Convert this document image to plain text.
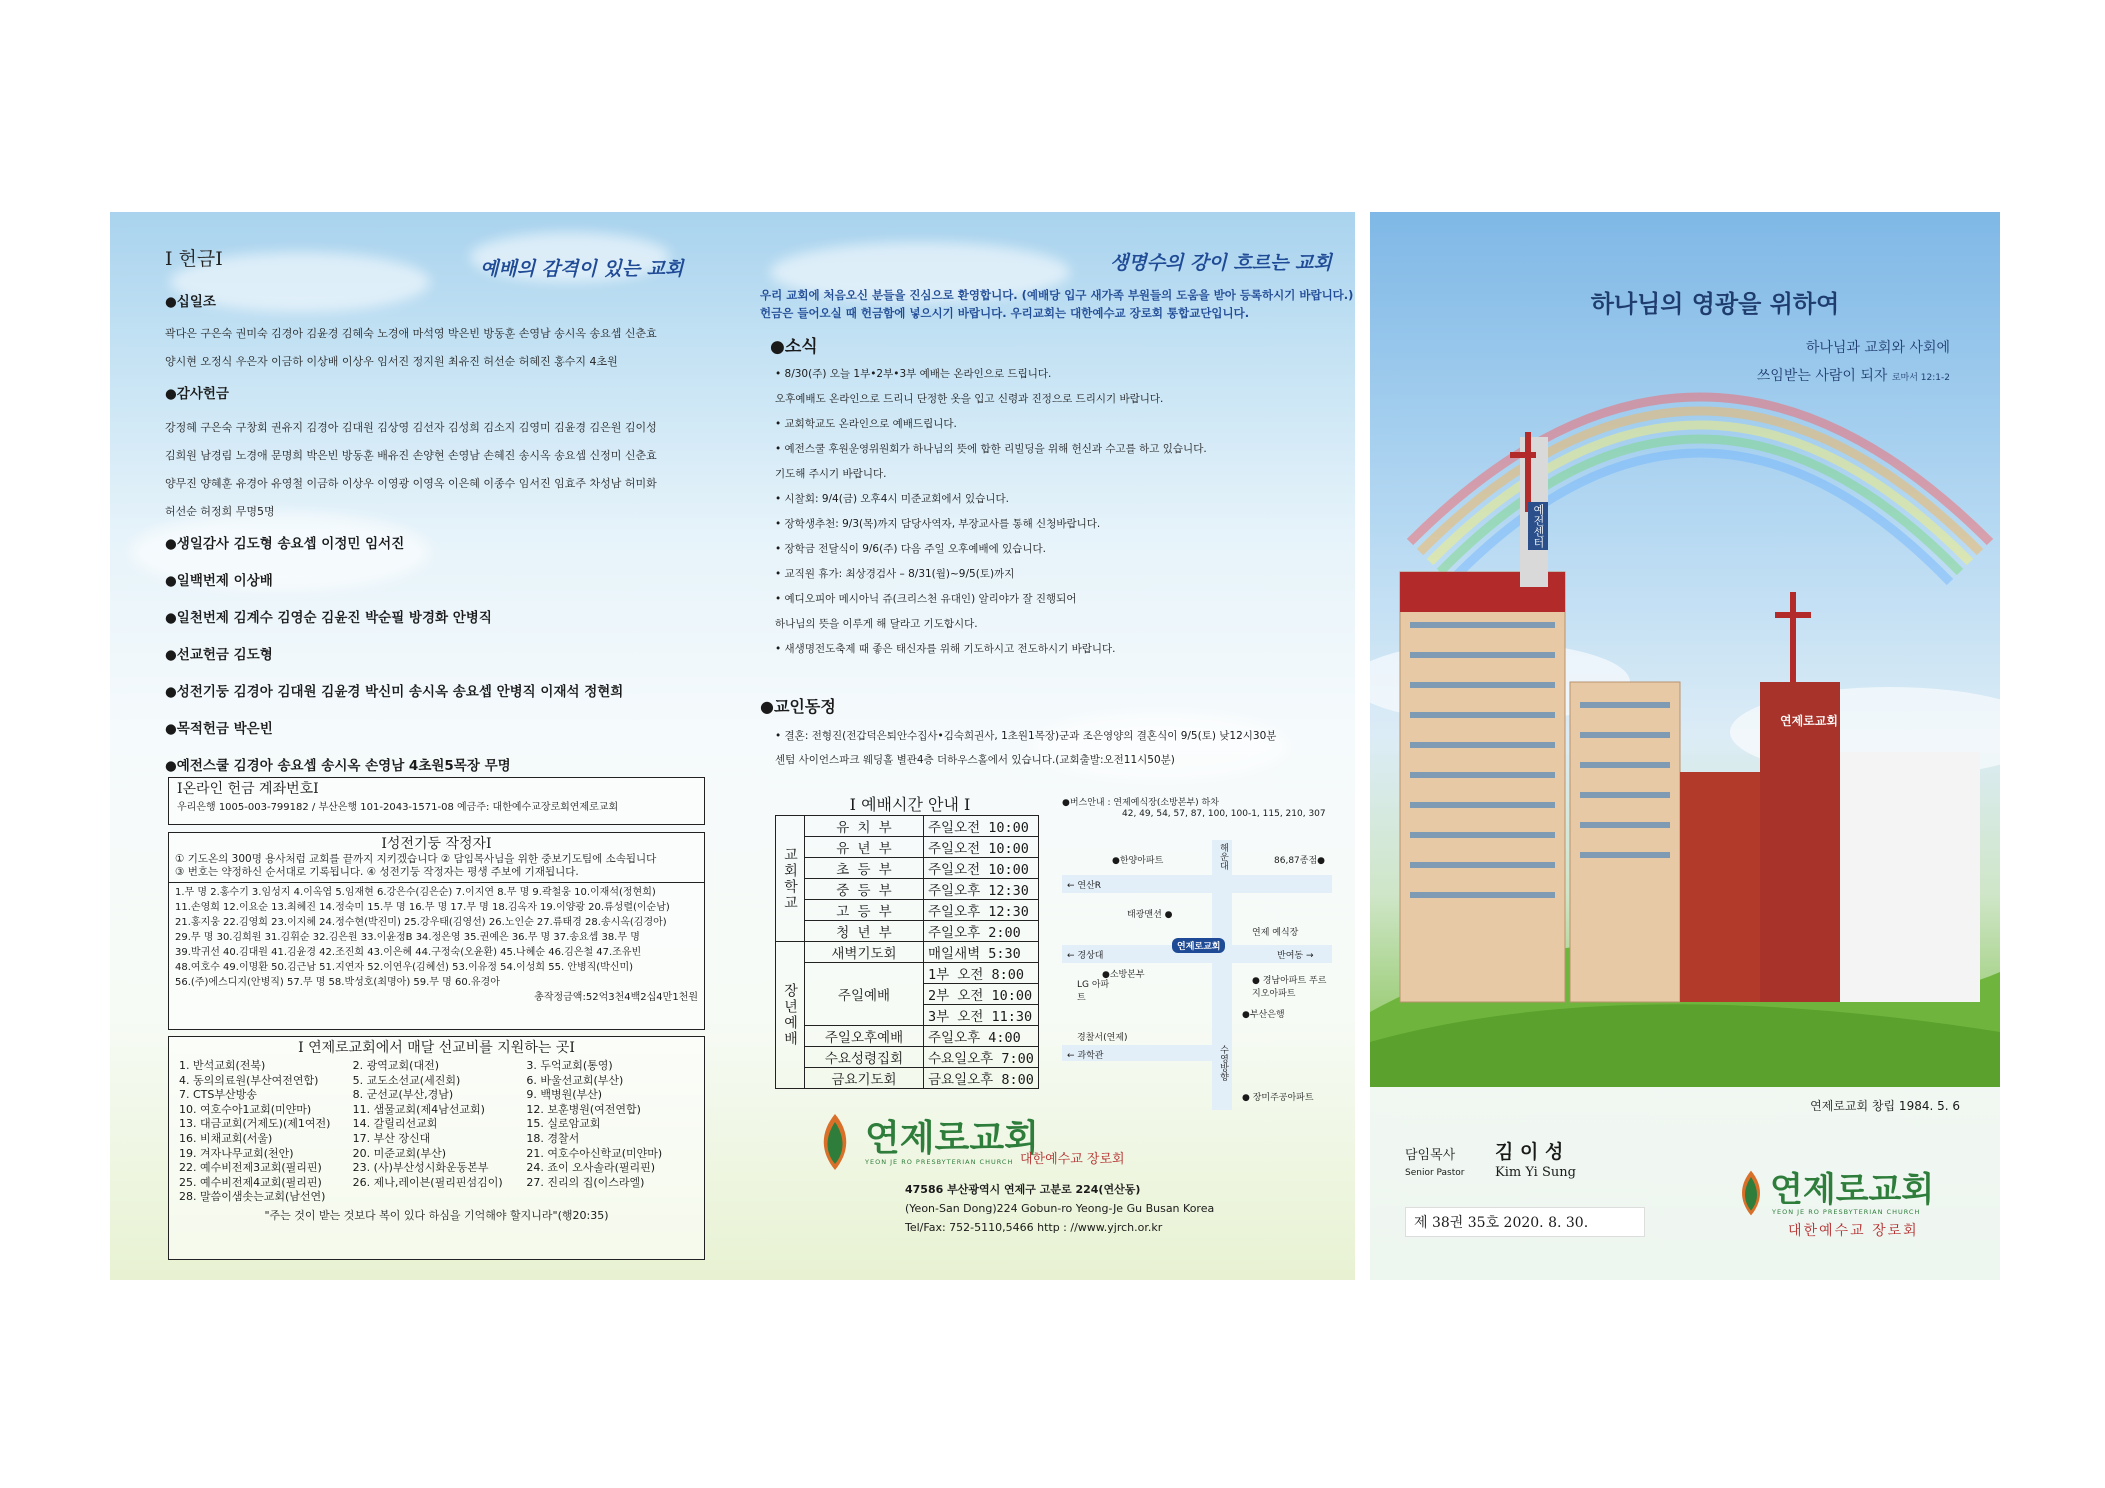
Ι 헌금Ι	예배의 감격이 있는 교회

●십일조

곽다은 구은숙 권미숙 김경아 김윤경 김혜숙 노경애 마석영 박은빈 방동훈 손영남 송시옥 송요셉 신춘효

양시현 오정식 우은자 이금하 이상배 이상우 임서진 정지원 최유진 허선순 허혜진 홍수지 4초원

●감사헌금

강정혜 구은숙 구창회 권유지 김경아 김대원 김상영 김선자 김성희 김소지 김영미 김윤경 김은원 김이성

김희원 남경림 노경애 문명희 박은빈 방동훈 배유진 손양현 손영남 손혜진 송시옥 송요셉 신정미 신춘효

양무진 양혜훈 유경아 유영철 이금하 이상우 이영광 이영옥 이은혜 이종수 임서진 임효주 차성남 허미화

허선순 허정희 무명5명

●생일감사 김도형 송요셉 이정민 임서진

●일백번제 이상배

●일천번제 김계수 김영순 김윤진 박순필 방경화 안병직

●선교헌금 김도형

●성전기둥 김경아 김대원 김윤경 박신미 송시옥 송요셉 안병직 이재석 정현희

●목적헌금 박은빈

●예전스쿨 김경아 송요셉 송시옥 손영남 4초원5목장 무명

Ι온라인 헌금 계좌번호Ι
우리은행 1005-003-799182 / 부산은행 101-2043-1571-08 예금주: 대한예수교장로회연제로교회
Ι성전기둥 작정자Ι
① 기도온의 300명 용사처럼 교회를 끝까지 지키겠습니다 ② 담임목사님을 위한 중보기도팀에 소속됩니다
③ 번호는 약정하신 순서대로 기록됩니다. ④ 성전기둥 작정자는 평생 주보에 기재됩니다.
1.무 명 2.홍수기 3.임성지 4.이옥엽 5.임재현 6.강은수(김은순) 7.이지연 8.무 명 9.곽철웅 10.이재석(정현희)
11.손영희 12.이요순 13.최혜진 14.정숙미 15.무 명 16.무 명 17.무 명 18.김옥자 19.이양광 20.류성렬(이순남)
21.홍지웅 22.김영희 23.이지혜 24.정수현(박진미) 25.강우태(김영선) 26.노인순 27.류태경 28.송시옥(김경아)
29.무 명 30.김희원 31.김휘순 32.김은원 33.이윤정B 34.정은영 35.권예은 36.무 명 37.송요셉 38.무 명
39.박귀선 40.김대원 41.김윤경 42.조진희 43.이은혜 44.구정숙(오윤환) 45.나혜순 46.김은철 47.조유빈
48.여호수 49.이명환 50.김근남 51.지연자 52.이연우(김혜선) 53.이유정 54.이성희 55. 안병직(박신미)
56.(주)에스디지(안병직) 57.무 명 58.박성호(최명아) 59.무 명 60.유경아
총작정금액:52억3천4백2십4만1천원
Ι 연제로교회에서 매달 선교비를 지원하는 곳Ι
1. 반석교회(전북)	2. 광역교회(대전)	3. 두억교회(통영)
4. 동의의료원(부산여전연합)	5. 교도소선교(세진회)	6. 바울선교회(부산)
7. CTS부산방송	8. 군선교(부산,경남)	9. 백병원(부산)
10. 여호수아1교회(미얀마)	11. 샘물교회(제4남선교회)	12. 보훈병원(여전연합)
13. 대금교회(거제도)(제1여전)	14. 갈릴리선교회	15. 실로암교회
16. 비채교회(서울)	17. 부산 장신대	18. 경찰서
19. 겨자나무교회(천안)	20. 미준교회(부산)	21. 여호수아신학교(미얀마)
22. 예수비전제3교회(필리핀)	23. (사)부산성시화운동본부	24. 죠이 오사솔라(필리핀)
25. 예수비전제4교회(필리핀)	26. 제나,레이븐(필리핀섬김이)	27. 진리의 집(이스라엘)
28. 말씀이샘솟는교회(남선연)
"주는 것이 받는 것보다 복이 있다 하심을 기억해야 할지니라"(행20:35)
생명수의 강이 흐르는 교회
우리 교회에 처음오신 분들을 진심으로 환영합니다. (예배당 입구 새가족 부원들의 도움을 받아 등록하시기 바랍니다.)
헌금은 들어오실 때 헌금함에 넣으시기 바랍니다. 우리교회는 대한예수교 장로회 통합교단입니다.
●소식
• 8/30(주) 오늘 1부•2부•3부 예배는 온라인으로 드립니다.
오후예배도 온라인으로 드리니 단정한 옷을 입고 신령과 진정으로 드리시기 바랍니다.
• 교회학교도 온라인으로 예배드립니다.
• 예전스쿨 후원운영위원회가 하나님의 뜻에 합한 리빌딩을 위해 헌신과 수고를 하고 있습니다.
기도해 주시기 바랍니다.
• 시찰회: 9/4(금) 오후4시 미준교회에서 있습니다.
• 장학생추천: 9/3(목)까지 담당사역자, 부장교사를 통해 신청바랍니다.
• 장학금 전달식이 9/6(주) 다음 주일 오후예배에 있습니다.
• 교직원 휴가: 최상경검사 – 8/31(월)~9/5(토)까지
• 예디오피아 메시아닉 쥬(크리스천 유대인) 알리야가 잘 진행되어
하나님의 뜻을 이루게 해 달라고 기도합시다.
• 새생명전도축제 때 좋은 태신자를 위해 기도하시고 전도하시기 바랍니다.
●교인동정
• 결혼: 전형진(전갑덕은퇴안수집사•김숙희권사, 1초원1목장)군과 조은영양의 결혼식이 9/5(토) 낮12시30분
센텀 사이언스파크 웨딩홀 별관4층 더하우스홀에서 있습니다.(교회출발:오전11시50분)
Ι 예배시간 안내 Ι
교회학교	유 치 부	주일오전 10:00
	유 년 부	주일오전 10:00
	초 등 부	주일오전 10:00
	중 등 부	주일오후 12:30
	고 등 부	주일오후 12:30
	청 년 부	주일오후 2:00
장년예배	새벽기도회	매일새벽 5:30
	주일예배	1부 오전 8:00
		2부 오전 10:00
		3부 오전 11:30
	주일오후예배	주일오후 4:00
	수요성령집회	수요일오후 7:00
	금요기도회	금요일오후 8:00
연제로교회
YEON JE RO PRESBYTERIAN CHURCH 대한예수교 장로회
47586 부산광역시 연제구 고분로 224(연산동)
(Yeon-San Dong)224 Gobun-ro Yeong-Je Gu Busan Korea
Tel/Fax: 752-5110,5466 http : //www.yjrch.or.kr
예전센터
연제로교회
하나님의 영광을 위하여
하나님과 교회와 사회에
쓰임받는 사람이 되자 로마서 12:1-2
연제로교회 창립 1984. 5. 6
담임목사
Senior Pastor
김 이 성
Kim Yi Sung
제 38권 35호 2020. 8. 30.
연제로교회
YEON JE RO PRESBYTERIAN CHURCH
대한예수교 장로회
●버스안내 : 연제예식장(소방본부) 하차
42, 49, 54, 57, 87, 100, 100-1, 115, 210, 307
●한양아파트	해운대	86,87종점●
← 연산R
태광맨션 ●
연제 예식장
← 경상대
연제로교회
반여동 →
●소방본부
LG 아파트
● 경남아파트 푸르지오아파트
●부산은행
경찰서(연제)
← 과학관	수영방향
● 장미주공아파트
